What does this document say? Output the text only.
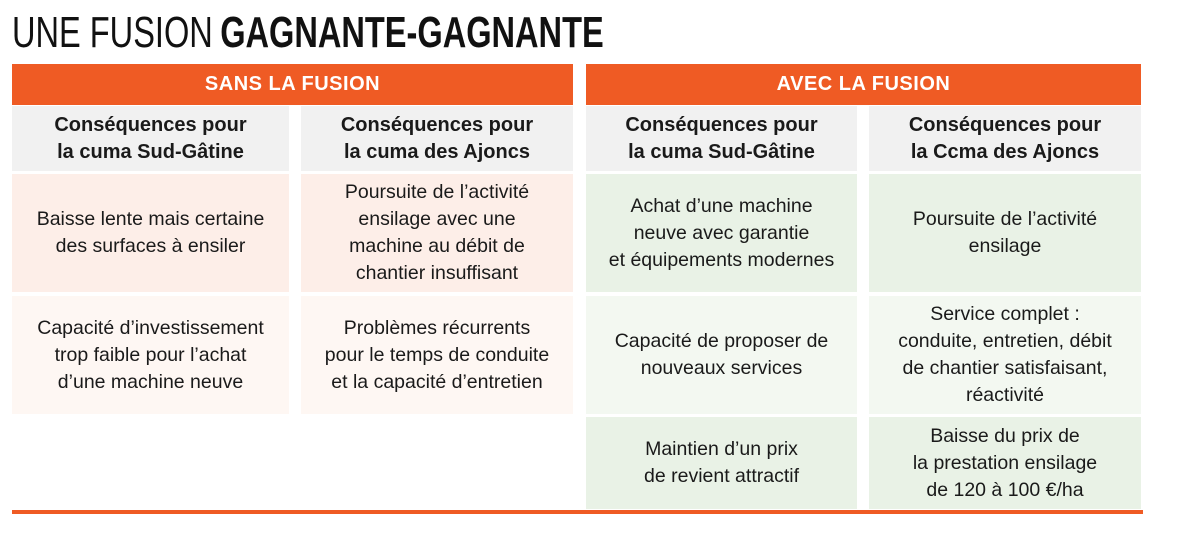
UNE FUSION GAGNANTE-GAGNANTE
SANS LA FUSION	AVEC LA FUSION
Conséquences pour
la cuma Sud-Gâtine
Conséquences pour
la cuma des Ajoncs
Conséquences pour
la cuma Sud-Gâtine
Conséquences pour
la Ccma des Ajoncs
Baisse lente mais certaine
des surfaces à ensiler
Capacité d’investissement
trop faible pour l’achat
d’une machine neuve
Poursuite de l’activité
ensilage avec une
machine au débit de
chantier insuffisant
Problèmes récurrents
pour le temps de conduite
et la capacité d’entretien
Achat d’une machine
neuve avec garantie
et équipements modernes
Capacité de proposer de
nouveaux services
Maintien d’un prix
de revient attractif
Poursuite de l’activité
ensilage
Service complet :
conduite, entretien, débit
de chantier satisfaisant,
réactivité
Baisse du prix de
la prestation ensilage
de 120 à 100 €/ha
